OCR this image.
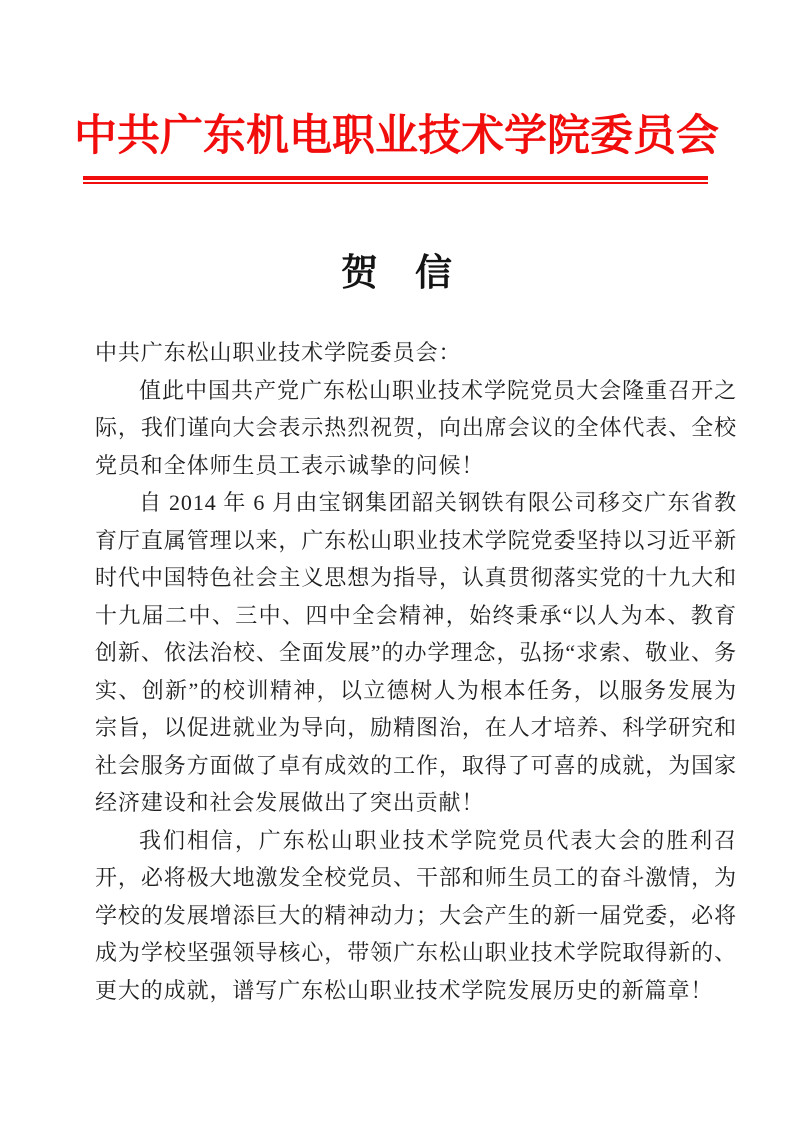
中共广东机电职业技术学院委员会
贺　信

中共广东松山职业技术学院委员会：

值此中国共产党广东松山职业技术学院党员大会隆重召开之际，我们谨向大会表示热烈祝贺，向出席会议的全体代表、全校党员和全体师生员工表示诚挚的问候！

自 2014 年 6 月由宝钢集团韶关钢铁有限公司移交广东省教育厅直属管理以来，广东松山职业技术学院党委坚持以习近平新时代中国特色社会主义思想为指导，认真贯彻落实党的十九大和十九届二中、三中、四中全会精神，始终秉承“以人为本、教育创新、依法治校、全面发展”的办学理念，弘扬“求索、敬业、务实、创新”的校训精神，以立德树人为根本任务，以服务发展为宗旨，以促进就业为导向，励精图治，在人才培养、科学研究和社会服务方面做了卓有成效的工作，取得了可喜的成就，为国家经济建设和社会发展做出了突出贡献！

我们相信，广东松山职业技术学院党员代表大会的胜利召开，必将极大地激发全校党员、干部和师生员工的奋斗激情，为学校的发展增添巨大的精神动力；大会产生的新一届党委，必将成为学校坚强领导核心，带领广东松山职业技术学院取得新的、更大的成就，谱写广东松山职业技术学院发展历史的新篇章！
